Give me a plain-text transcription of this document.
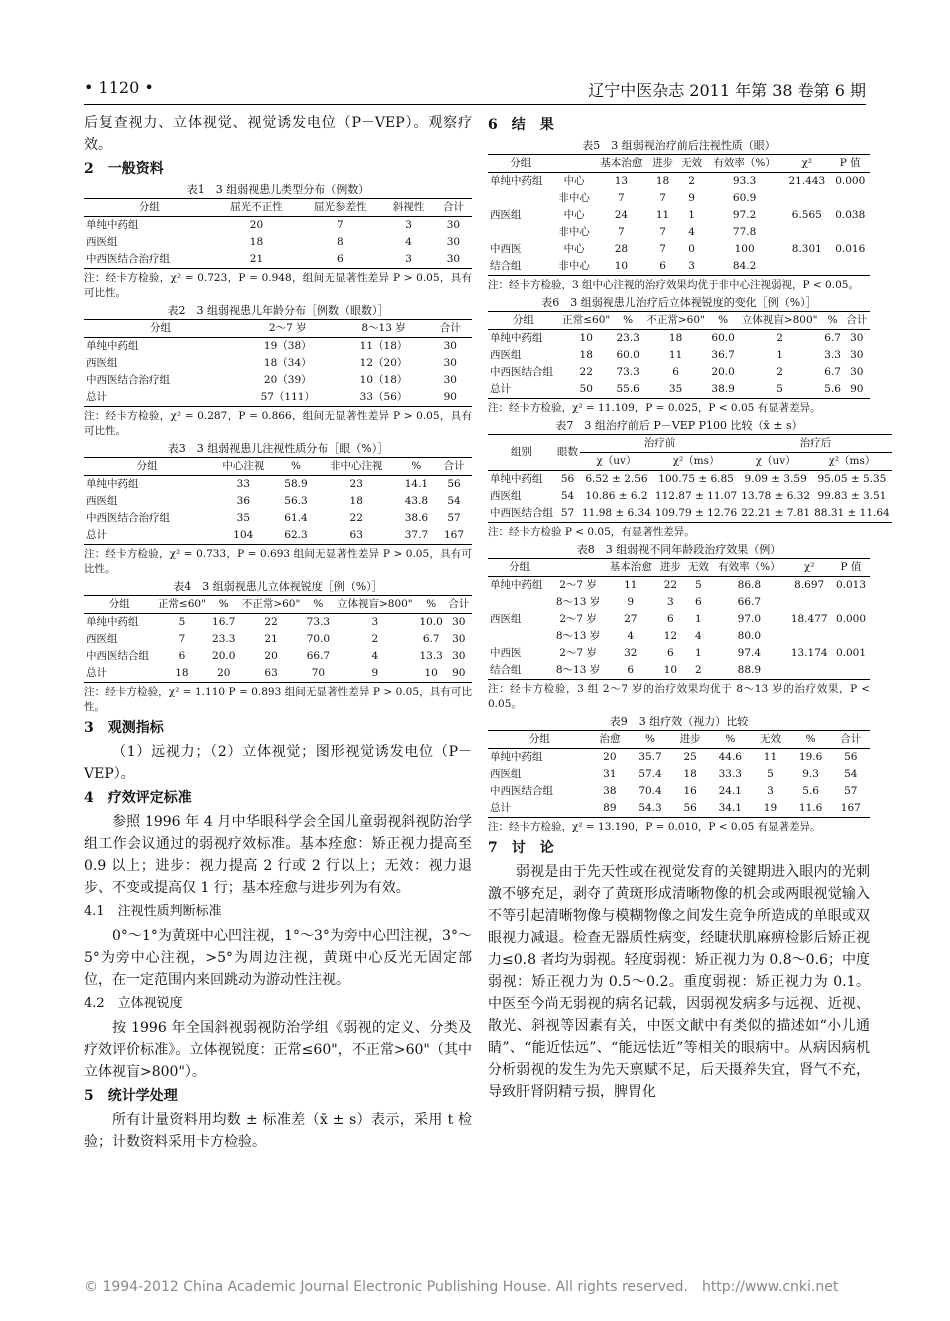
• 1120 •	辽宁中医杂志 2011 年第 38 卷第 6 期

后复查视力、立体视觉、视觉诱发电位（P－VEP）。观察疗效。

2　一般资料
表1　3 组弱视患儿类型分布（例数）
分组	屈光不正性	屈光参差性	斜视性	合计
单纯中药组	20	7	3	30
西医组	18	8	4	30
中西医结合治疗组	21	6	3	30
注：经卡方检验，χ² = 0.723，P = 0.948，组间无显著性差异 P > 0.05，具有可比性。
表2　3 组弱视患儿年龄分布［例数（眼数）］
分组	2～7 岁	8～13 岁	合计
单纯中药组	19（38）	11（18）	30
西医组	18（34）	12（20）	30
中西医结合治疗组	20（39）	10（18）	30
总计	57（111）	33（56）	90
注：经卡方检验，χ² = 0.287，P = 0.866，组间无显著性差异 P > 0.05，具有可比性。
表3　3 组弱视患儿注视性质分布［眼（%）］
分组	中心注视	%	非中心注视	%	合计
单纯中药组	33	58.9	23	14.1	56
西医组	36	56.3	18	43.8	54
中西医结合治疗组	35	61.4	22	38.6	57
总计	104	62.3	63	37.7	167
注：经卡方检验，χ² = 0.733，P = 0.693 组间无显著性差异 P > 0.05，具有可比性。
表4　3 组弱视患儿立体视锐度［例（%）］
分组	正常≤60"	%	不正常>60"	%	立体视盲>800"	%	合计
单纯中药组	5	16.7	22	73.3	3	10.0	30
西医组	7	23.3	21	70.0	2	6.7	30
中西医结合组	6	20.0	20	66.7	4	13.3	30
总计	18	20	63	70	9	10	90
注：经卡方检验，χ² = 1.110 P = 0.893 组间无显著性差异 P > 0.05，具有可比性。
3　观测指标

（1）远视力；（2）立体视觉；图形视觉诱发电位（P－VEP）。

4　疗效评定标准

参照 1996 年 4 月中华眼科学会全国儿童弱视斜视防治学组工作会议通过的弱视疗效标准。基本痊愈：矫正视力提高至 0.9 以上；进步：视力提高 2 行或 2 行以上；无效：视力退步、不变或提高仅 1 行；基本痊愈与进步列为有效。

4.1　注视性质判断标准

0°～1°为黄斑中心凹注视，1°～3°为旁中心凹注视，3°～5°为旁中心注视，>5°为周边注视，黄斑中心反光无固定部位，在一定范围内来回跳动为游动性注视。

4.2　立体视锐度

按 1996 年全国斜视弱视防治学组《弱视的定义、分类及疗效评价标准》。立体视锐度：正常≤60"，不正常>60"（其中立体视盲>800"）。

5　统计学处理

所有计量资料用均数 ± 标准差（x̄ ± s）表示，采用 t 检验；计数资料采用卡方检验。

6　结　果
表5　3 组弱视治疗前后注视性质（眼）
分组		基本治愈	进步	无效	有效率（%）	χ²	P 值
单纯中药组	中心	13	18	2	93.3	21.443	0.000
	非中心	7	7	9	60.9		
西医组	中心	24	11	1	97.2	6.565	0.038
	非中心	7	7	4	77.8		
中西医	中心	28	7	0	100	8.301	0.016
结合组	非中心	10	6	3	84.2		
注：经卡方检验，3 组中心注视的治疗效果均优于非中心注视弱视，P < 0.05。
表6　3 组弱视患儿治疗后立体视锐度的变化［例（%）］
分组	正常≤60"	%	不正常>60"	%	立体视盲>800"	%	合计
单纯中药组	10	23.3	18	60.0	2	6.7	30
西医组	18	60.0	11	36.7	1	3.3	30
中西医结合组	22	73.3	6	20.0	2	6.7	30
总计	50	55.6	35	38.9	5	5.6	90
注：经卡方检验，χ² = 11.109，P = 0.025，P < 0.05 有显著差异。
表7　3 组治疗前后 P－VEP P100 比较（x̄ ± s）
组别	眼数	治疗前		治疗后	
		χ（uv）	χ²（ms）	χ（uv）	χ²（ms）
单纯中药组	56	6.52 ± 2.56	100.75 ± 6.85	9.09 ± 3.59	95.05 ± 5.35
西医组	54	10.86 ± 6.2	112.87 ± 11.07	13.78 ± 6.32	99.83 ± 3.51
中西医结合组	57	11.98 ± 6.34	109.79 ± 12.76	22.21 ± 7.81	88.31 ± 11.64
注：经卡方检验 P < 0.05，有显著性差异。
表8　3 组弱视不同年龄段治疗效果（例）
分组		基本治愈	进步	无效	有效率（%）	χ²	P 值
单纯中药组	2～7 岁	11	22	5	86.8	8.697	0.013
	8～13 岁	9	3	6	66.7		
西医组	2～7 岁	27	6	1	97.0	18.477	0.000
	8～13 岁	4	12	4	80.0		
中西医	2～7 岁	32	6	1	97.4	13.174	0.001
结合组	8～13 岁	6	10	2	88.9		
注：经卡方检验，3 组 2～7 岁的治疗效果均优于 8～13 岁的治疗效果，P < 0.05。
表9　3 组疗效（视力）比较
分组	治愈	%	进步	%	无效	%	合计
单纯中药组	20	35.7	25	44.6	11	19.6	56
西医组	31	57.4	18	33.3	5	9.3	54
中西医结合组	38	70.4	16	24.1	3	5.6	57
总计	89	54.3	56	34.1	19	11.6	167
注：经卡方检验，χ² = 13.190，P = 0.010，P < 0.05 有显著差异。
7　讨　论

弱视是由于先天性或在视觉发育的关键期进入眼内的光刺激不够充足，剥夺了黄斑形成清晰物像的机会或两眼视觉输入不等引起清晰物像与模糊物像之间发生竞争所造成的单眼或双眼视力减退。检查无器质性病变，经睫状肌麻痹检影后矫正视力≤0.8 者均为弱视。轻度弱视：矫正视力为 0.8～0.6；中度弱视：矫正视力为 0.5～0.2。重度弱视：矫正视力为 0.1。中医至今尚无弱视的病名记载，因弱视发病多与远视、近视、散光、斜视等因素有关，中医文献中有类似的描述如“小儿通睛”、“能近怯远”、“能远怯近”等相关的眼病中。从病因病机分析弱视的发生为先天禀赋不足，后天摄养失宜，肾气不充，导致肝肾阴精亏损，脾胃化

© 1994-2012 China Academic Journal Electronic Publishing House. All rights reserved.　http://www.cnki.net
